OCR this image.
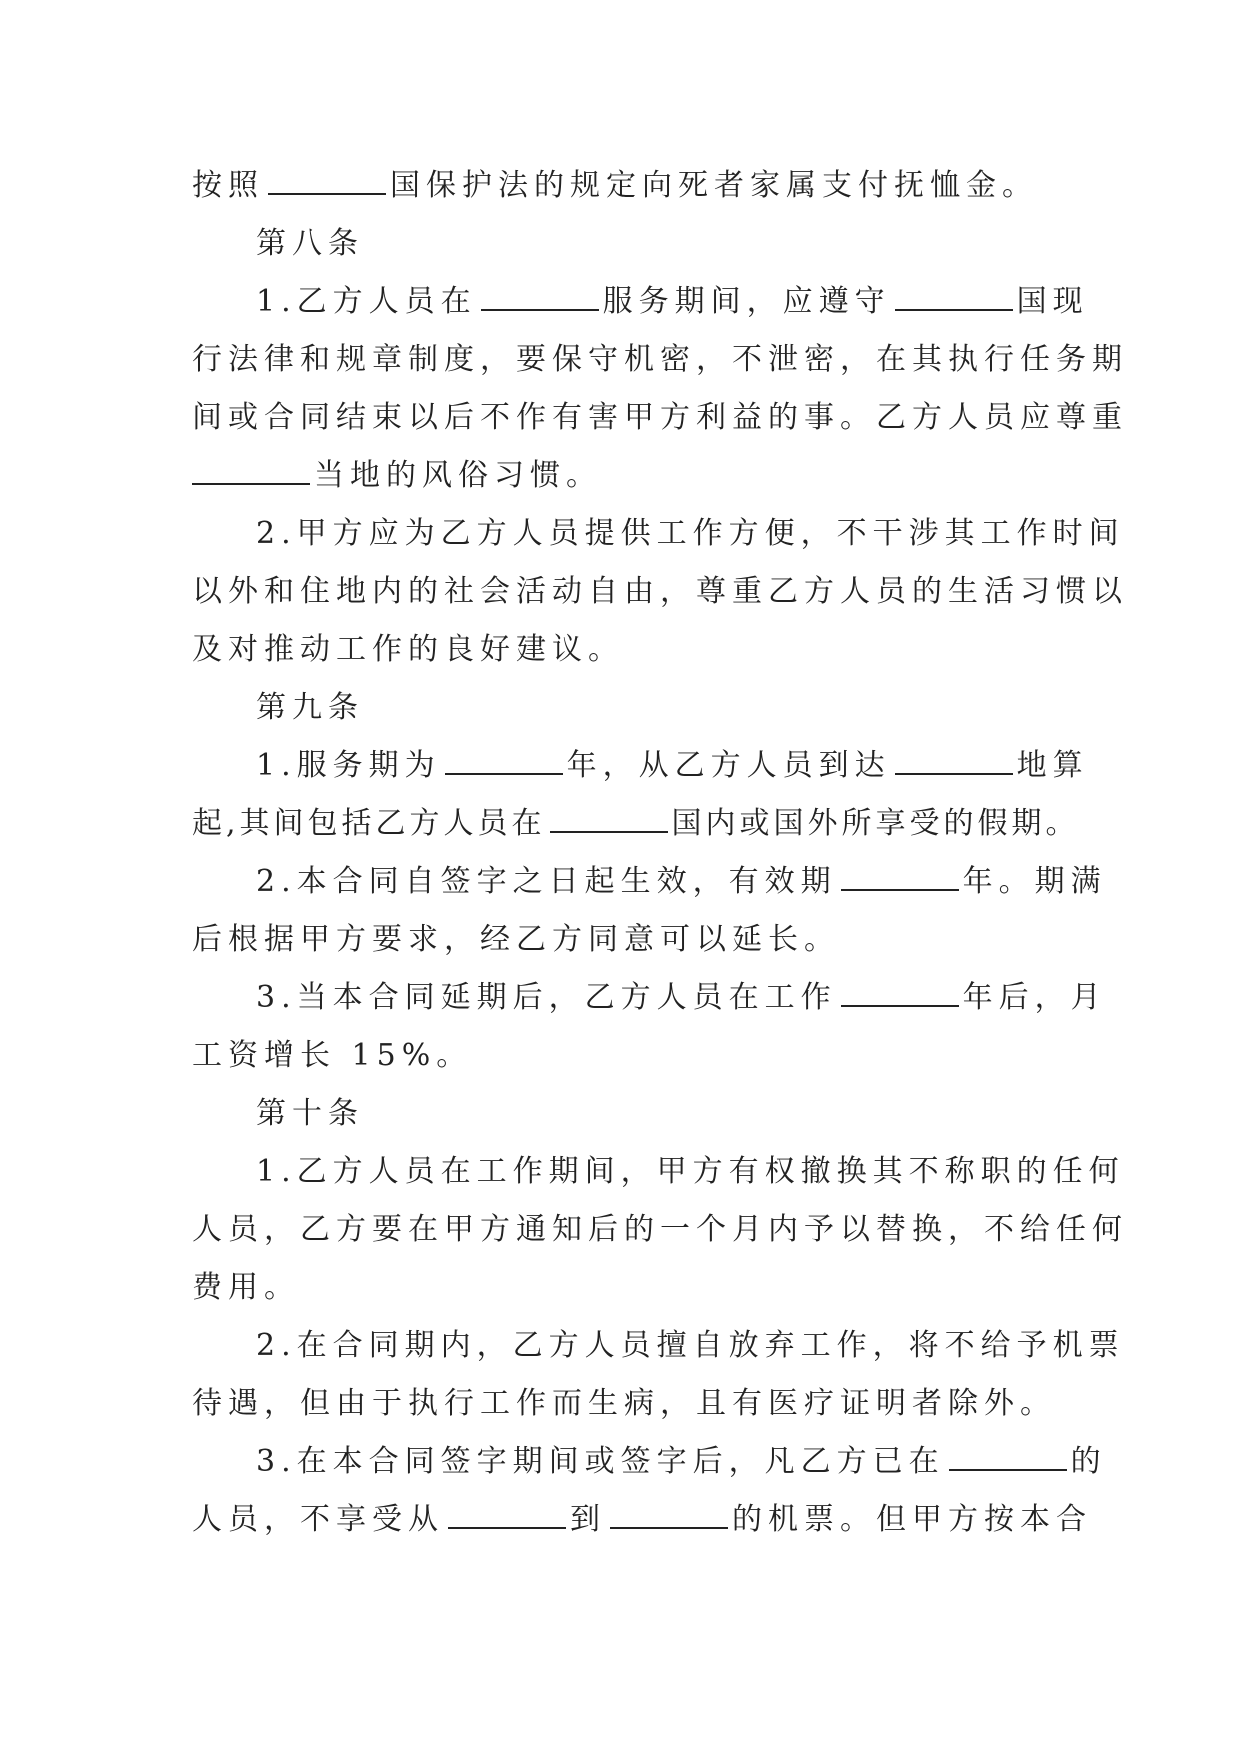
按照	国保护法的规定向死者家属支付抚恤金。
第八条
1.乙方人员在	服务期间，应遵守	国现
行法律和规章制度，要保守机密，不泄密，在其执行任务期
间或合同结束以后不作有害甲方利益的事。乙方人员应尊重
当地的风俗习惯。
2.甲方应为乙方人员提供工作方便，不干涉其工作时间
以外和住地内的社会活动自由，尊重乙方人员的生活习惯以
及对推动工作的良好建议。
第九条
1.服务期为	年，从乙方人员到达	地算
起,其间包括乙方人员在	国内或国外所享受的假期。
2.本合同自签字之日起生效，有效期	年。期满
后根据甲方要求，经乙方同意可以延长。
3.当本合同延期后，乙方人员在工作	年后，月
工资增长 15%。
第十条
1.乙方人员在工作期间，甲方有权撤换其不称职的任何
人员，乙方要在甲方通知后的一个月内予以替换，不给任何
费用。
2.在合同期内，乙方人员擅自放弃工作，将不给予机票
待遇，但由于执行工作而生病，且有医疗证明者除外。
3.在本合同签字期间或签字后，凡乙方已在	的
人员，不享受从	到	的机票。但甲方按本合
